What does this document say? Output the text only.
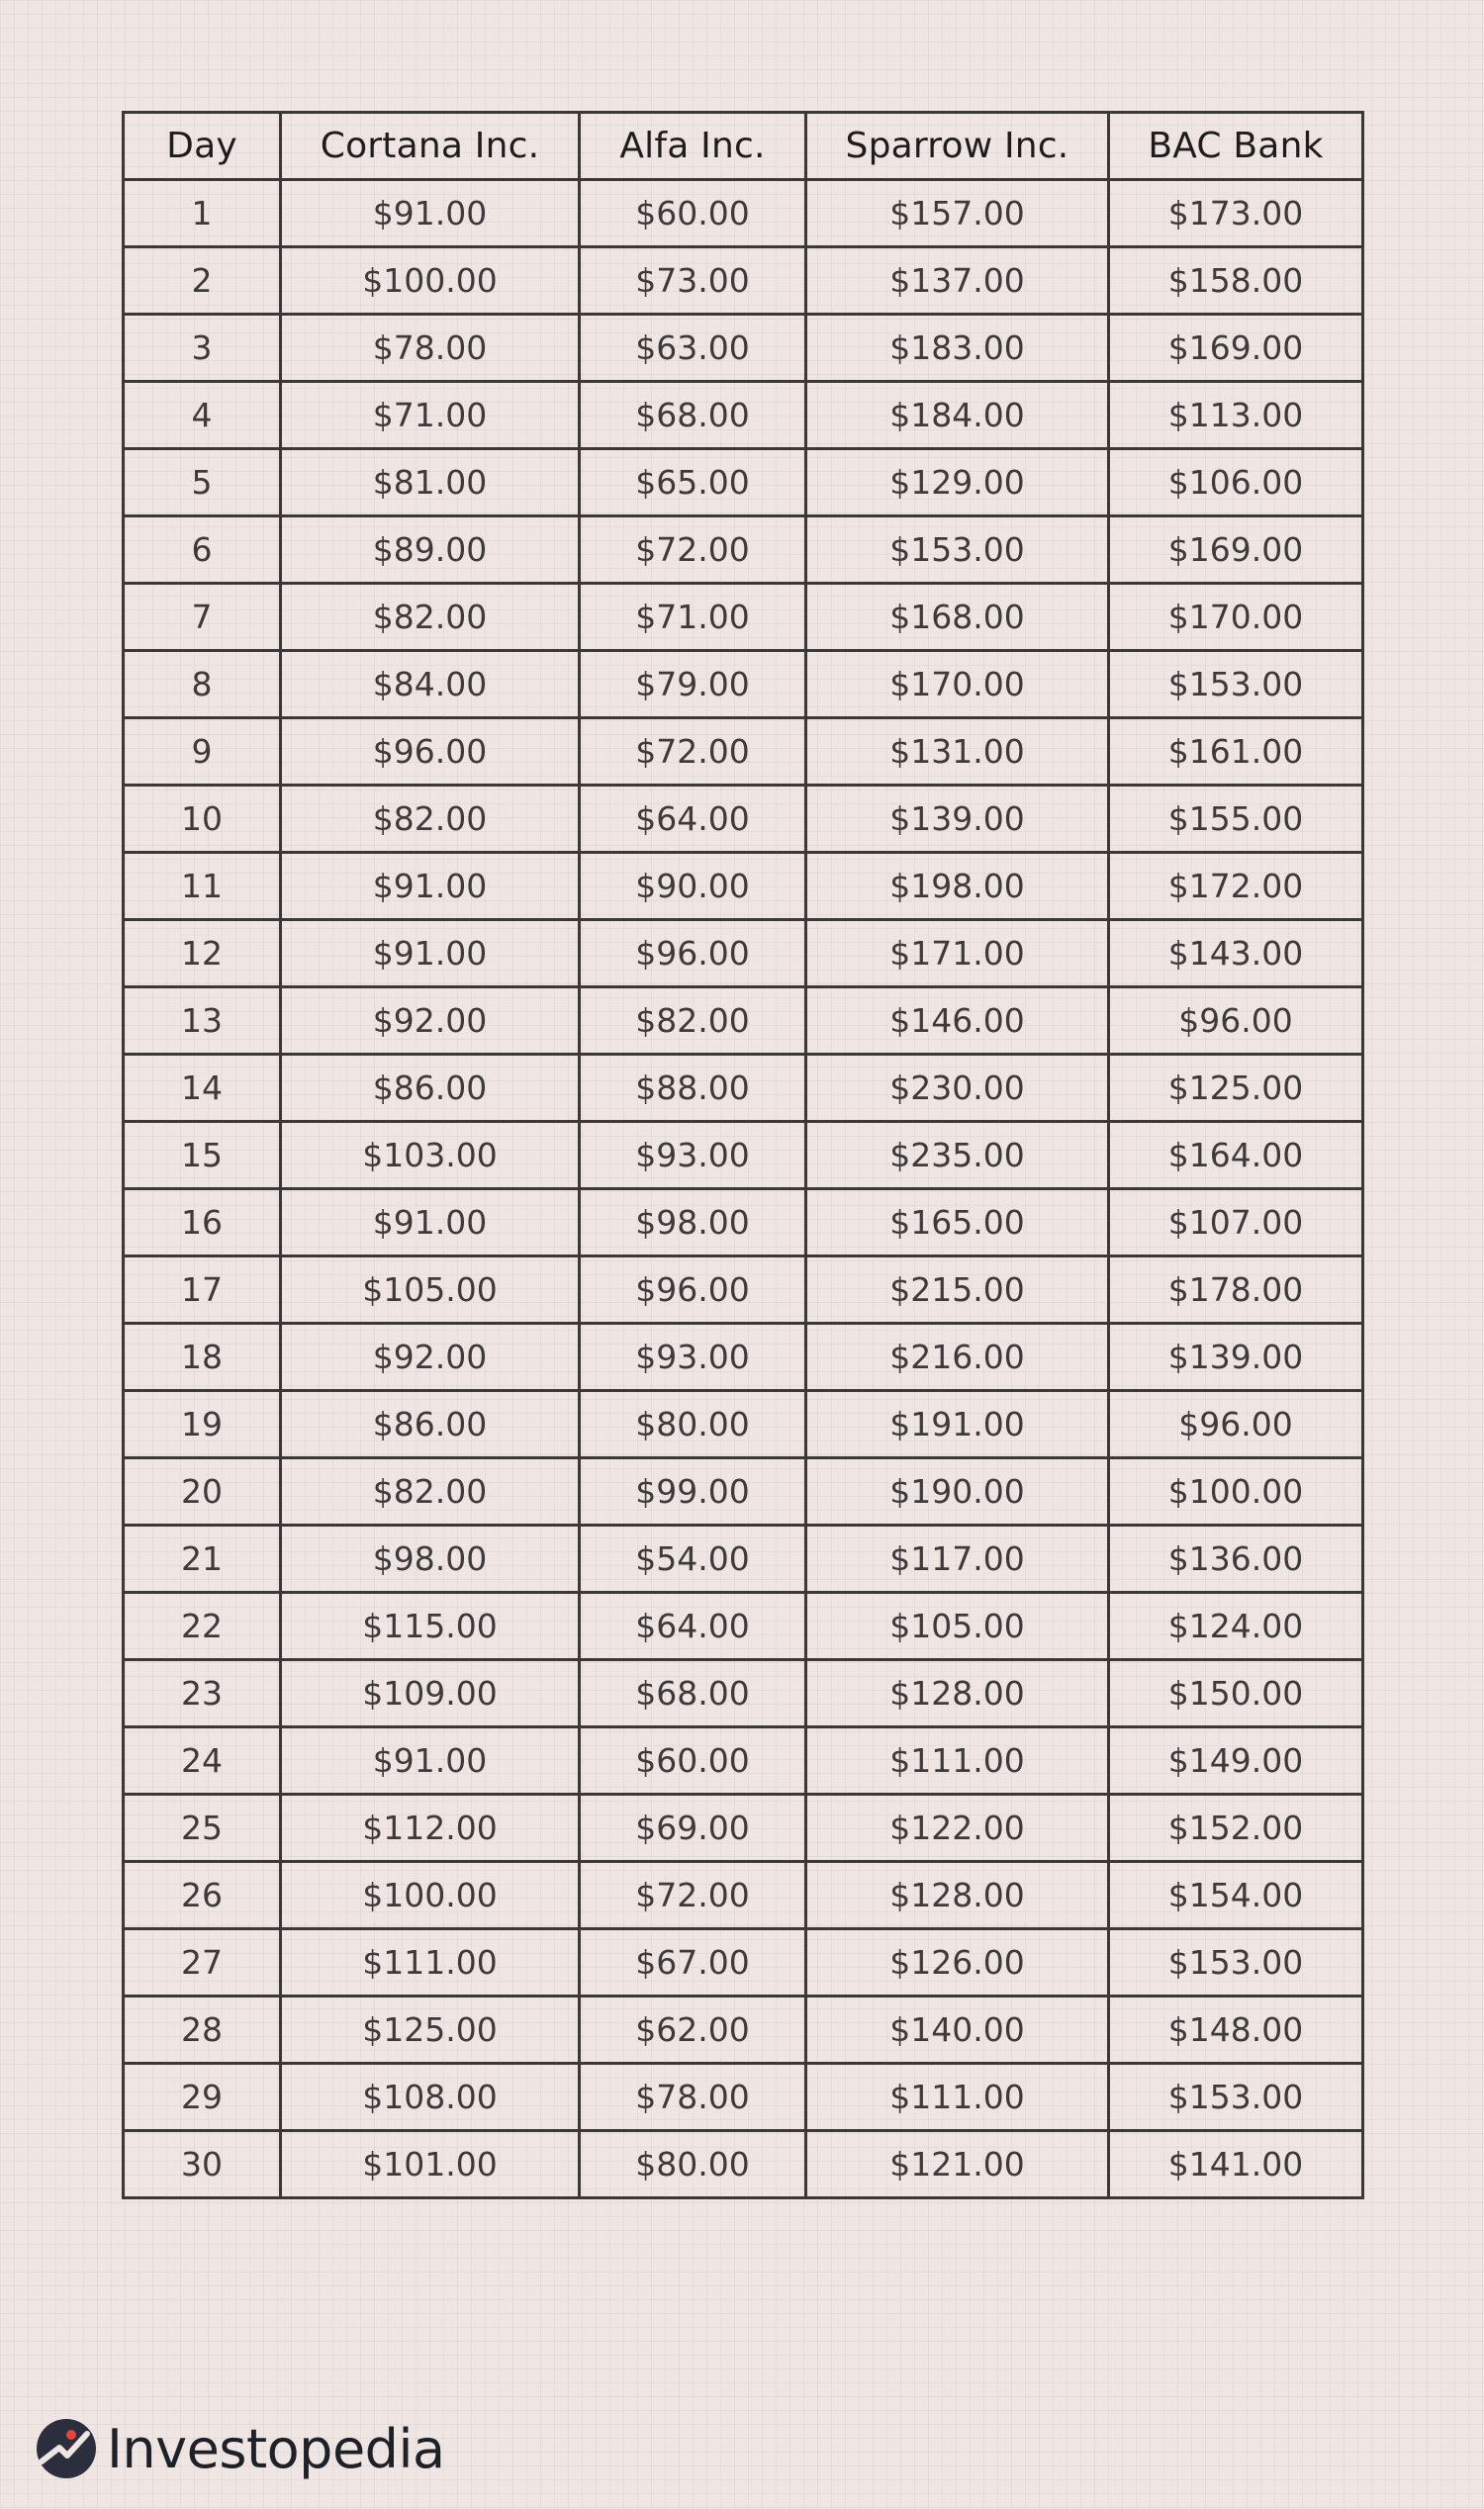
Day	Cortana Inc.	Alfa Inc.	Sparrow Inc.	BAC Bank
1	$91.00	$60.00	$157.00	$173.00
2	$100.00	$73.00	$137.00	$158.00
3	$78.00	$63.00	$183.00	$169.00
4	$71.00	$68.00	$184.00	$113.00
5	$81.00	$65.00	$129.00	$106.00
6	$89.00	$72.00	$153.00	$169.00
7	$82.00	$71.00	$168.00	$170.00
8	$84.00	$79.00	$170.00	$153.00
9	$96.00	$72.00	$131.00	$161.00
10	$82.00	$64.00	$139.00	$155.00
11	$91.00	$90.00	$198.00	$172.00
12	$91.00	$96.00	$171.00	$143.00
13	$92.00	$82.00	$146.00	$96.00
14	$86.00	$88.00	$230.00	$125.00
15	$103.00	$93.00	$235.00	$164.00
16	$91.00	$98.00	$165.00	$107.00
17	$105.00	$96.00	$215.00	$178.00
18	$92.00	$93.00	$216.00	$139.00
19	$86.00	$80.00	$191.00	$96.00
20	$82.00	$99.00	$190.00	$100.00
21	$98.00	$54.00	$117.00	$136.00
22	$115.00	$64.00	$105.00	$124.00
23	$109.00	$68.00	$128.00	$150.00
24	$91.00	$60.00	$111.00	$149.00
25	$112.00	$69.00	$122.00	$152.00
26	$100.00	$72.00	$128.00	$154.00
27	$111.00	$67.00	$126.00	$153.00
28	$125.00	$62.00	$140.00	$148.00
29	$108.00	$78.00	$111.00	$153.00
30	$101.00	$80.00	$121.00	$141.00
Investopedia
